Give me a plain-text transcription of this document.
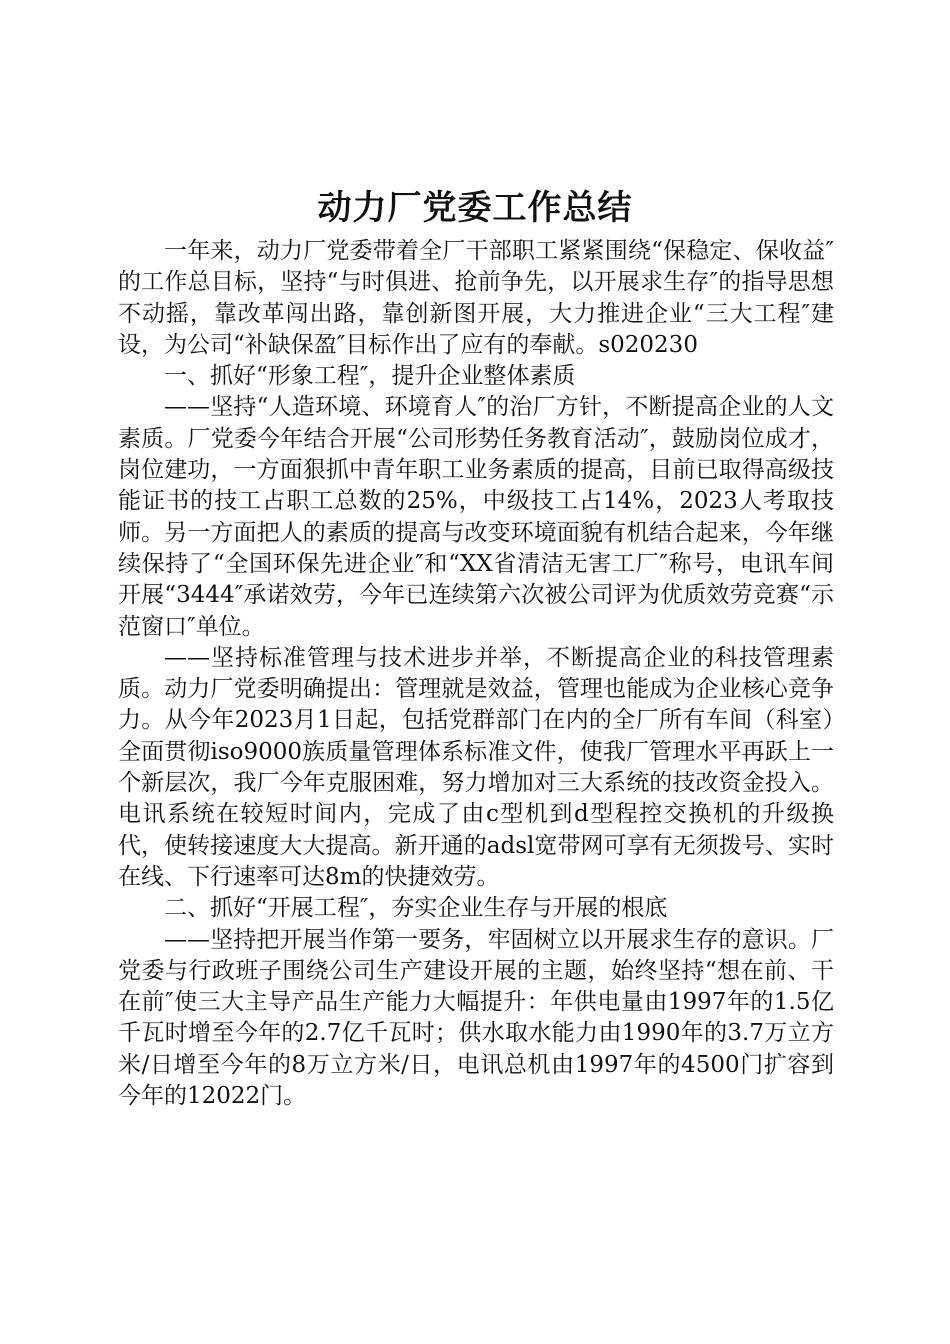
动力厂党委工作总结

一年来，动力厂党委带着全厂干部职工紧紧围绕“保稳定、保收益″的工作总目标，坚持“与时俱进、抢前争先，以开展求生存″的指导思想不动摇，靠改革闯出路，靠创新图开展，大力推进企业“三大工程″建设，为公司“补缺保盈″目标作出了应有的奉献。s020230

一、抓好“形象工程″，提升企业整体素质

——坚持“人造环境、环境育人″的治厂方针，不断提高企业的人文素质。厂党委今年结合开展“公司形势任务教育活动″，鼓励岗位成才，岗位建功，一方面狠抓中青年职工业务素质的提高，目前已取得高级技能证书的技工占职工总数的25%，中级技工占14%，2023人考取技师。另一方面把人的素质的提高与改变环境面貌有机结合起来，今年继续保持了“全国环保先进企业″和“XX省清洁无害工厂″称号，电讯车间开展“3444″承诺效劳，今年已连续第六次被公司评为优质效劳竞赛“示范窗口″单位。

——坚持标准管理与技术进步并举，不断提高企业的科技管理素质。动力厂党委明确提出：管理就是效益，管理也能成为企业核心竞争力。从今年2023月1日起，包括党群部门在内的全厂所有车间（科室）全面贯彻iso9000族质量管理体系标准文件，使我厂管理水平再跃上一个新层次，我厂今年克服困难，努力增加对三大系统的技改资金投入。电讯系统在较短时间内，完成了由c型机到d型程控交换机的升级换代，使转接速度大大提高。新开通的adsl宽带网可享有无须拨号、实时在线、下行速率可达8m的快捷效劳。

二、抓好“开展工程″，夯实企业生存与开展的根底

——坚持把开展当作第一要务，牢固树立以开展求生存的意识。厂党委与行政班子围绕公司生产建设开展的主题，始终坚持“想在前、干在前″使三大主导产品生产能力大幅提升：年供电量由1997年的1.5亿千瓦时增至今年的2.7亿千瓦时；供水取水能力由1990年的3.7万立方米/日增至今年的8万立方米/日，电讯总机由1997年的4500门扩容到今年的12022门。
